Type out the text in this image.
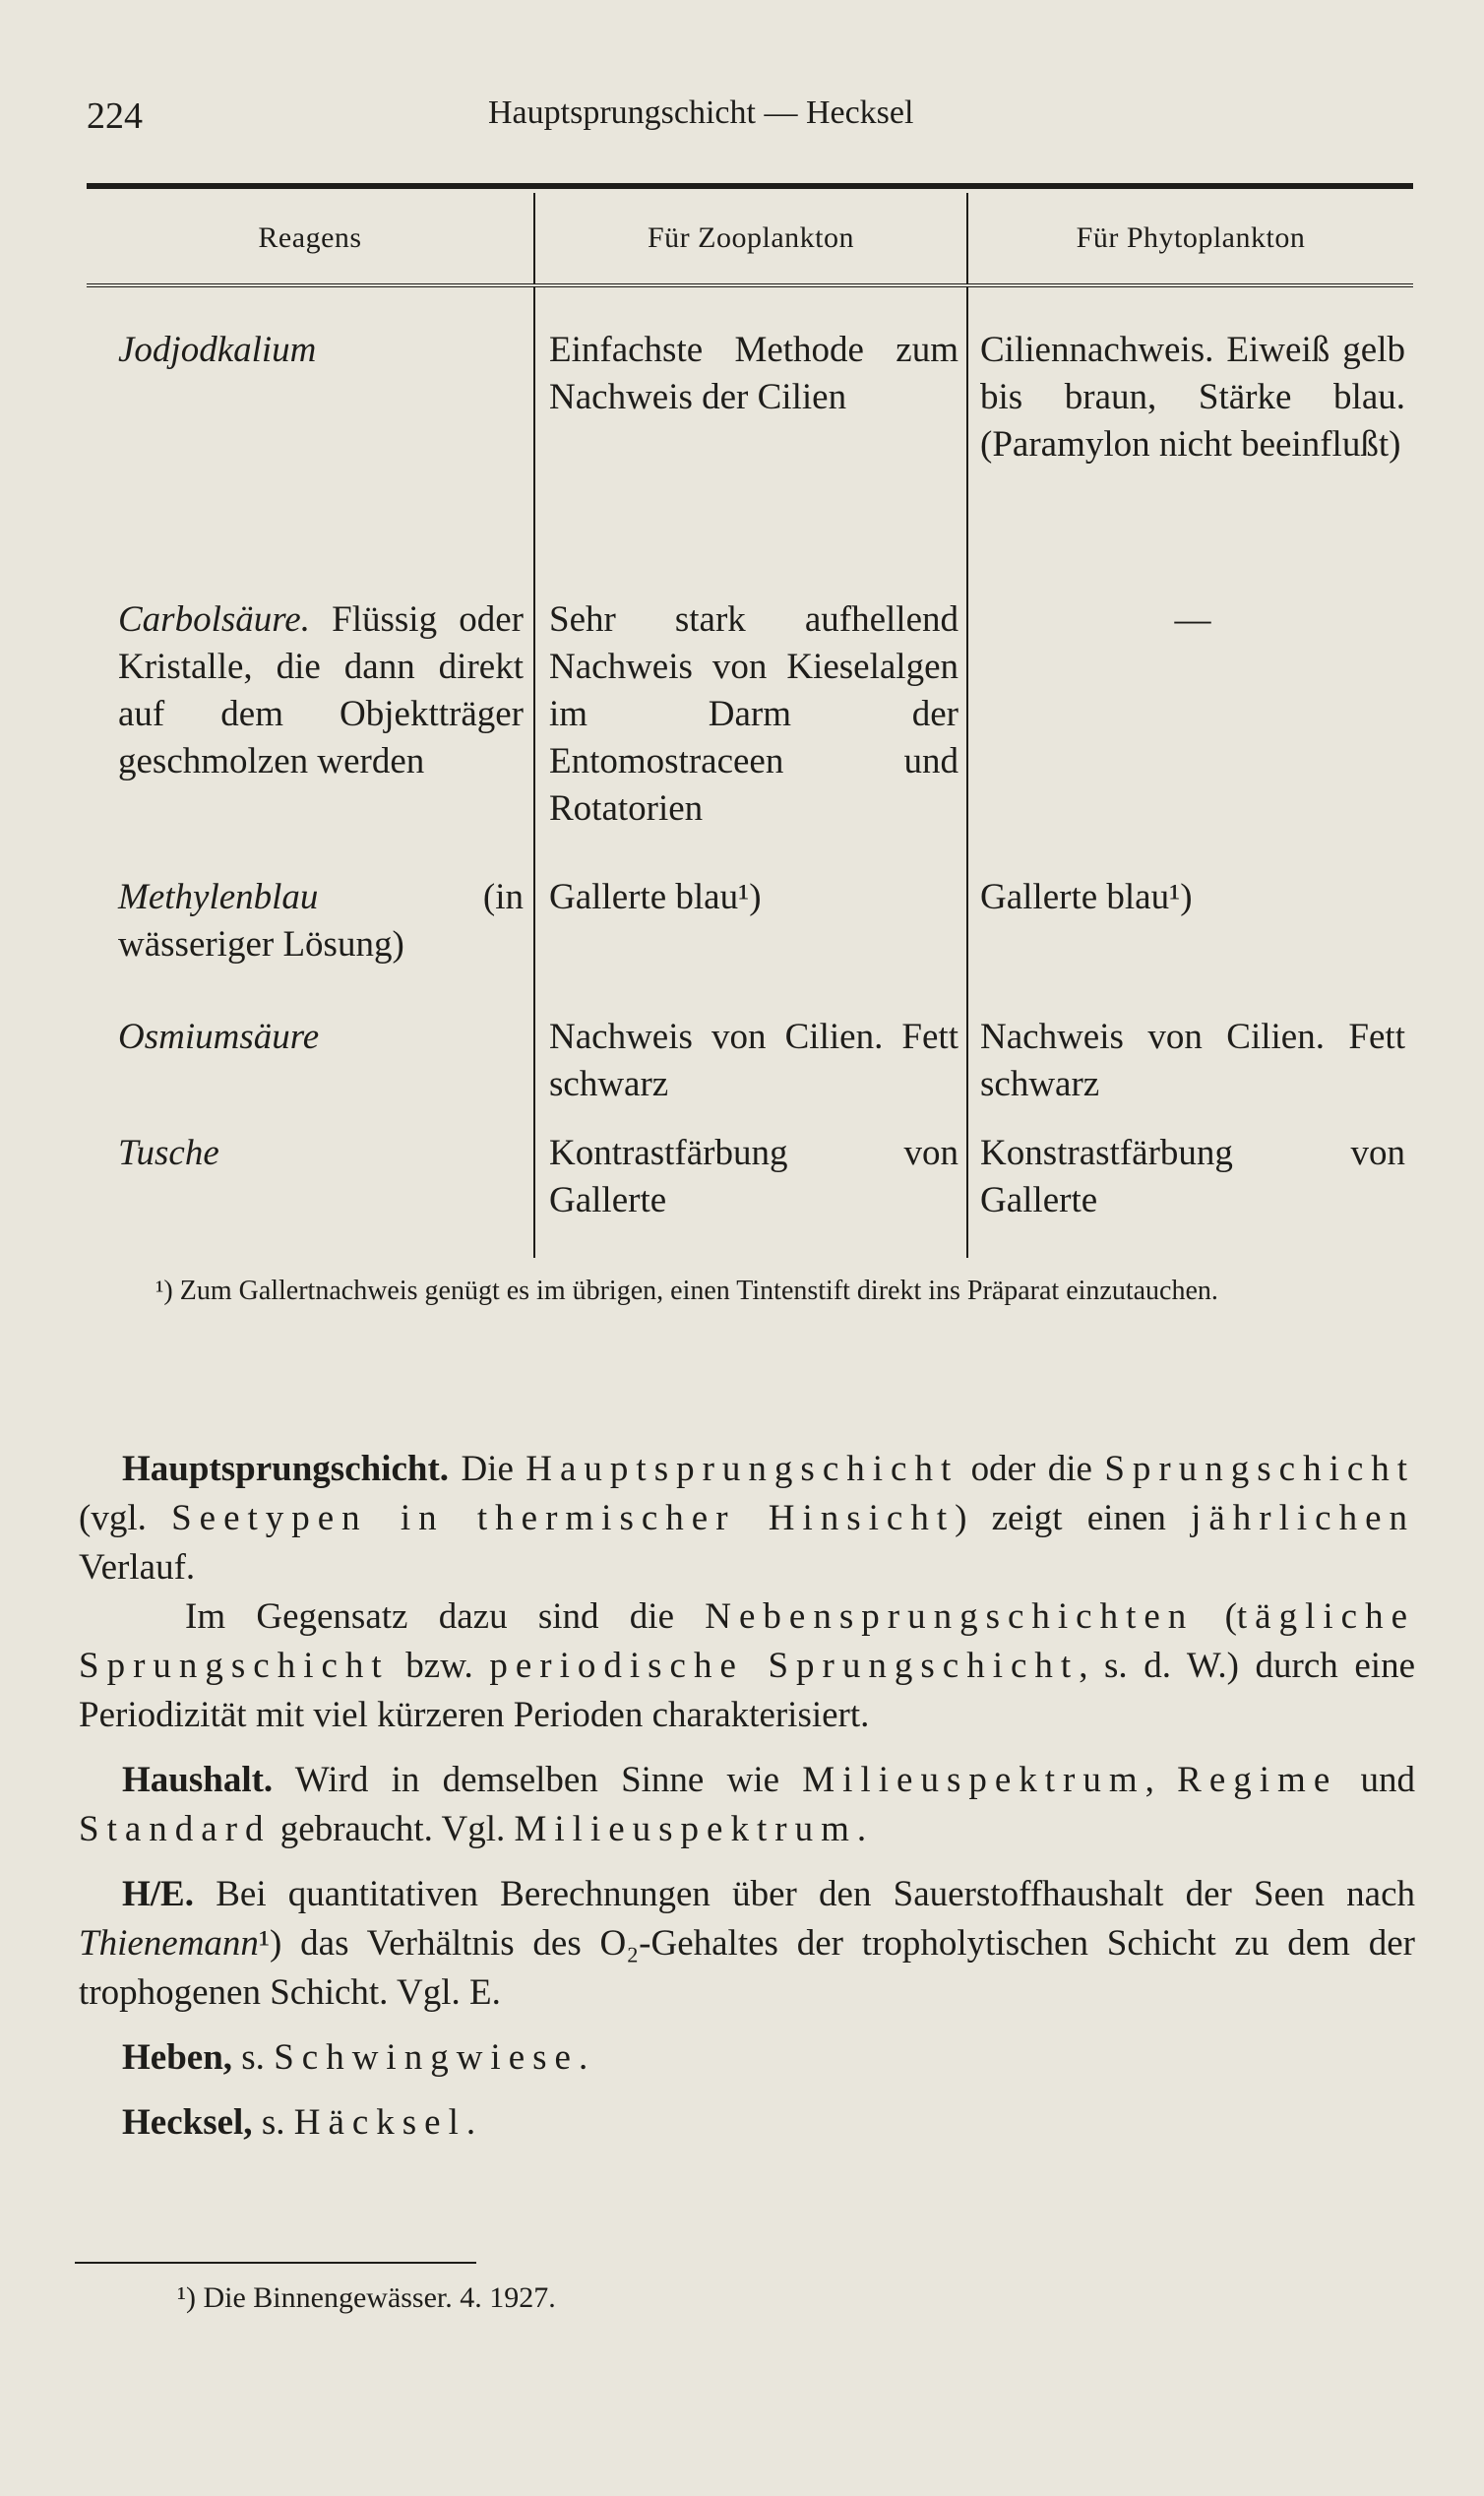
224	Hauptsprungschicht — Hecksel
Reagens	Für Zooplankton	Für Phytoplankton
Jodjodkalium	Einfachste Methode zum Nachweis der Cilien	Ciliennachweis. Eiweiß gelb bis braun, Stärke blau. (Paramylon nicht beeinflußt)
Carbolsäure. Flüssig oder Kristalle, die dann direkt auf dem Objektträger geschmolzen werden	Sehr stark aufhellend Nachweis von Kieselalgen im Darm der Entomostraceen und Rotatorien	—

Methylenblau (in wässeriger Lösung)	Gallerte blau¹)	Gallerte blau¹)
Osmiumsäure	Nachweis von Cilien. Fett schwarz	Nachweis von Cilien. Fett schwarz
Tusche	Kontrastfärbung von Gallerte	Konstrastfärbung von Gallerte
¹) Zum Gallertnachweis genügt es im übrigen, einen Tintenstift direkt ins Präparat einzutauchen.

Hauptsprungschicht. Die Hauptsprungschicht oder die Sprungschicht (vgl. Seetypen in thermischer Hinsicht) zeigt einen jährlichen Verlauf.

Im Gegensatz dazu sind die Nebensprungschichten (tägliche Sprungschicht bzw. periodische Sprungschicht, s. d. W.) durch eine Periodizität mit viel kürzeren Perioden charakterisiert.

Haushalt. Wird in demselben Sinne wie Milieuspektrum, Regime und Standard gebraucht. Vgl. Milieuspektrum.

H/E. Bei quantitativen Berechnungen über den Sauerstoffhaushalt der Seen nach Thienemann¹) das Verhältnis des O₂-Gehaltes der tropholytischen Schicht zu dem der trophogenen Schicht. Vgl. E.

Heben, s. Schwingwiese.

Hecksel, s. Häcksel.

¹) Die Binnengewässer. 4. 1927.
